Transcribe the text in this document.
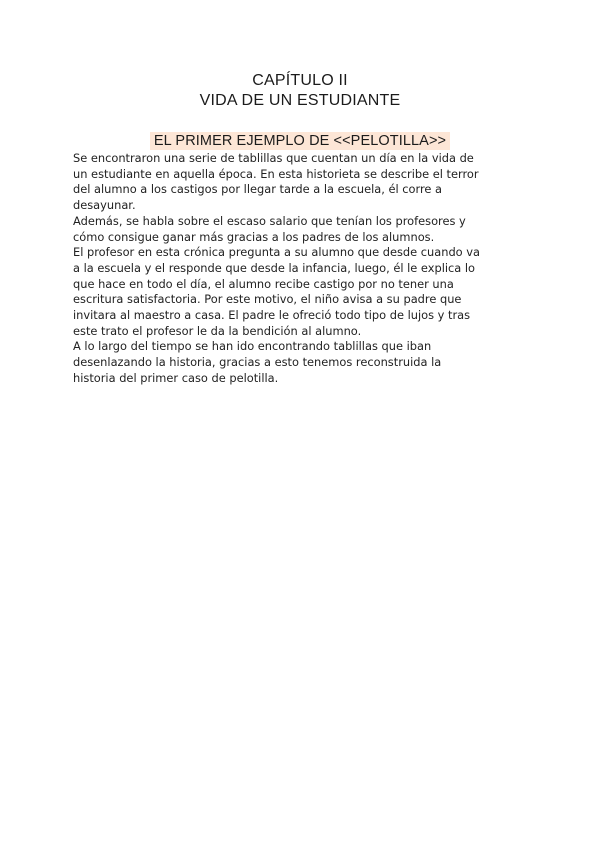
CAPÍTULO II
VIDA DE UN ESTUDIANTE
EL PRIMER EJEMPLO DE <<PELOTILLA>>
Se encontraron una serie de tablillas que cuentan un día en la vida de
un estudiante en aquella época. En esta historieta se describe el terror
del alumno a los castigos por llegar tarde a la escuela, él corre a
desayunar.
Además, se habla sobre el escaso salario que tenían los profesores y
cómo consigue ganar más gracias a los padres de los alumnos.
El profesor en esta crónica pregunta a su alumno que desde cuando va
a la escuela y el responde que desde la infancia, luego, él le explica lo
que hace en todo el día, el alumno recibe castigo por no tener una
escritura satisfactoria. Por este motivo, el niño avisa a su padre que
invitara al maestro a casa. El padre le ofreció todo tipo de lujos y tras
este trato el profesor le da la bendición al alumno.
A lo largo del tiempo se han ido encontrando tablillas que iban
desenlazando la historia, gracias a esto tenemos reconstruida la
historia del primer caso de pelotilla.
